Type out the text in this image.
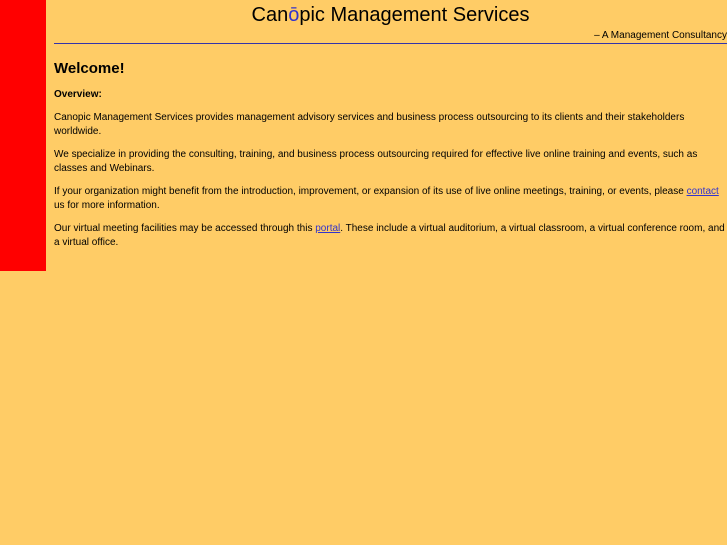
Canōpic Management Services
– A Management Consultancy
Welcome!
Overview:

Canopic Management Services provides management advisory services and business process outsourcing to its clients and their stakeholders worldwide.

We specialize in providing the consulting, training, and business process outsourcing required for effective live online training and events, such as classes and Webinars.

If your organization might benefit from the introduction, improvement, or expansion of its use of live online meetings, training, or events, please contact us for more information.

Our virtual meeting facilities may be accessed through this portal. These include a virtual auditorium, a virtual classroom, a virtual conference room, and a virtual office.
